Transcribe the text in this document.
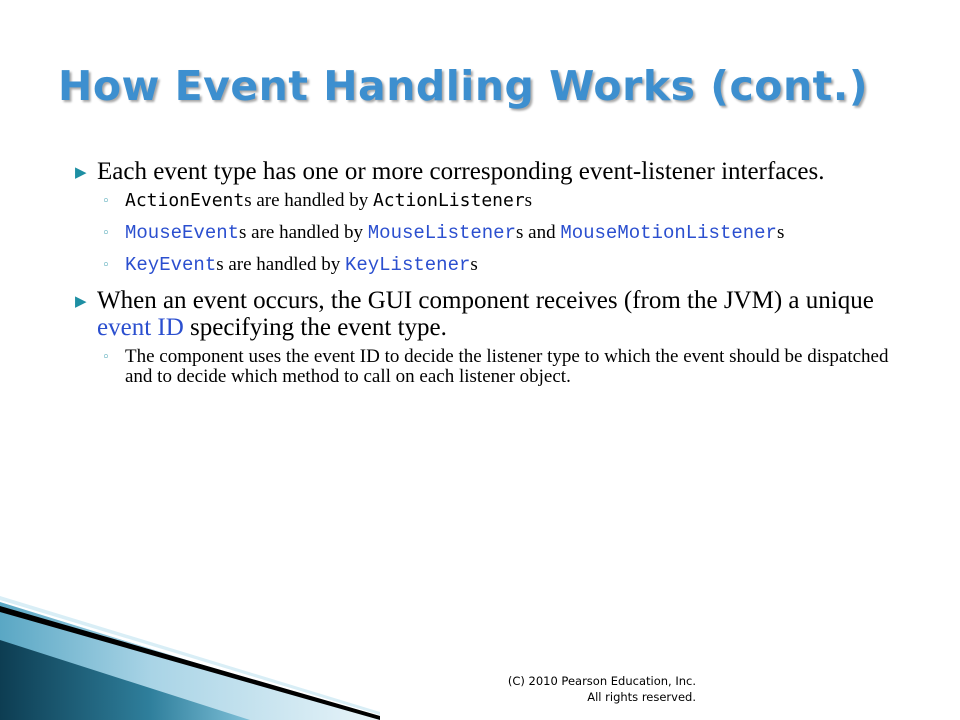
How Event Handling Works (cont.)
▶ Each event type has one or more corresponding event-listener interfaces.
◦ ActionEvents are handled by ActionListeners
◦ MouseEvents are handled by MouseListeners and MouseMotionListeners
◦ KeyEvents are handled by KeyListeners
▶ When an event occurs, the GUI component receives (from the JVM) a unique event ID specifying the event type.
◦ The component uses the event ID to decide the listener type to which the event should be dispatched and to decide which method to call on each listener object.
(C) 2010 Pearson Education, Inc.
All rights reserved.
